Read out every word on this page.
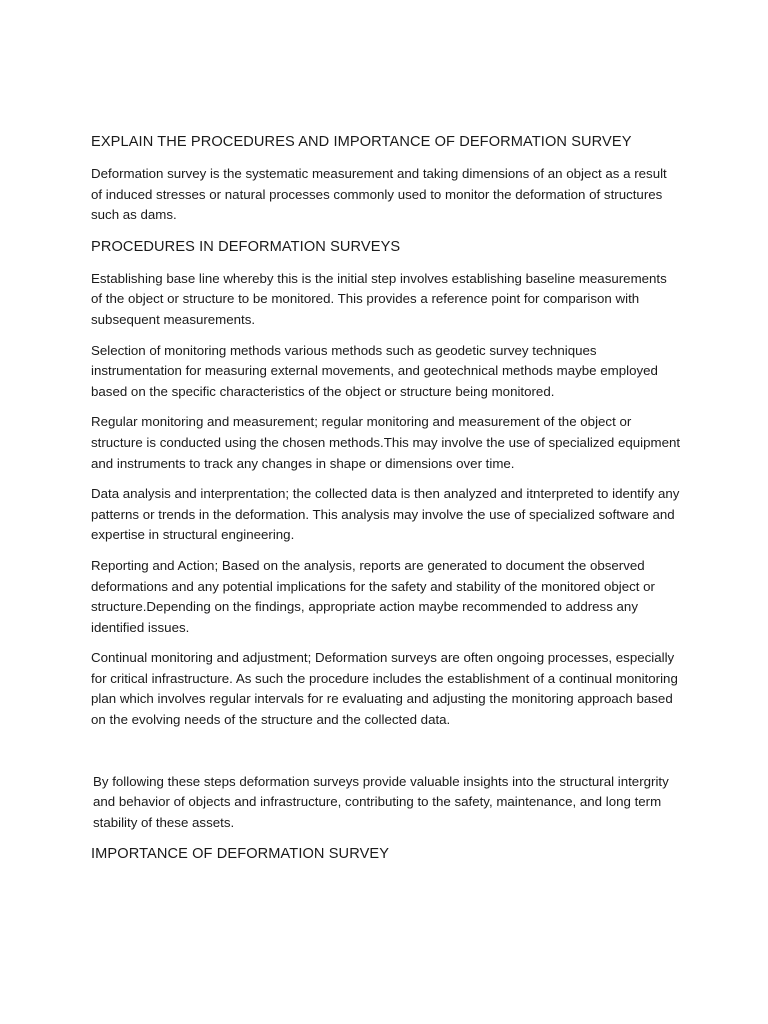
EXPLAIN THE PROCEDURES AND IMPORTANCE OF DEFORMATION SURVEY

Deformation survey is the systematic measurement and taking dimensions of an object as a result of induced stresses or natural processes commonly used to monitor the deformation of structures such as dams.

PROCEDURES IN DEFORMATION SURVEYS

Establishing base line whereby this is the initial step involves establishing baseline measurements of the object or structure to be monitored. This provides a reference point for comparison with subsequent measurements.

Selection of monitoring methods various methods such as geodetic survey techniques instrumentation for measuring external movements, and geotechnical methods maybe employed based on the specific characteristics of the object or structure being monitored.

Regular monitoring and measurement; regular monitoring and measurement of the object or structure is conducted using the chosen methods.This may involve the use of specialized equipment and instruments to track any changes in shape or dimensions over time.

Data analysis and interprentation; the collected data is then analyzed and itnterpreted to identify any patterns or trends in the deformation. This analysis may involve the use of specialized software and expertise in structural engineering.

Reporting and Action; Based on the analysis, reports are generated to document the observed deformations and any potential implications for the safety and stability of the monitored object or structure.Depending on the findings, appropriate action maybe recommended to address any identified issues.

Continual monitoring and adjustment; Deformation surveys are often ongoing processes, especially for critical infrastructure. As such the procedure includes the establishment of a continual monitoring plan which involves regular intervals for re evaluating and adjusting the monitoring approach based on the evolving needs of the structure and the collected data.

By following these steps deformation surveys provide valuable insights into the structural intergrity and behavior of objects and infrastructure, contributing to the safety, maintenance, and long term stability of these assets.

IMPORTANCE OF DEFORMATION SURVEY
